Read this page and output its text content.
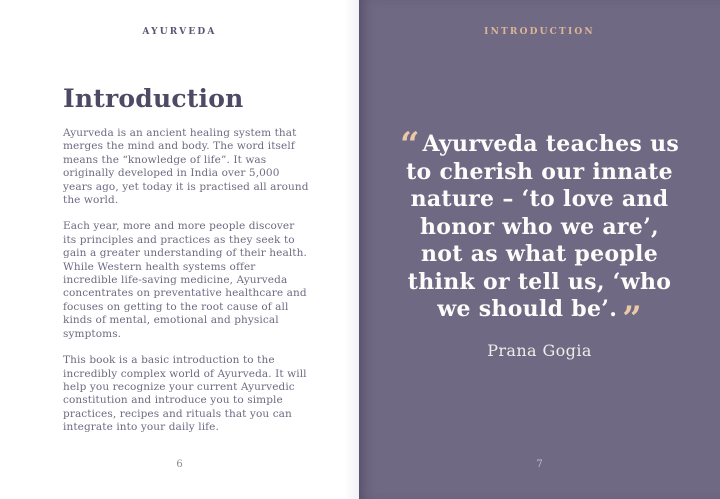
AYURVEDA
Introduction

Ayurveda is an ancient healing system that merges the mind and body. The word itself means the “knowledge of life”. It was originally developed in India over 5,000 years ago, yet today it is practised all around the world.

Each year, more and more people discover its principles and practices as they seek to gain a greater understanding of their health. While Western health systems offer incredible life-saving medicine, Ayurveda concentrates on preventative healthcare and focuses on getting to the root cause of all kinds of mental, emotional and physical symptoms.

This book is a basic introduction to the incredibly complex world of Ayurveda. It will help you recognize your current Ayurvedic constitution and introduce you to simple practices, recipes and rituals that you can integrate into your daily life.

6
INTRODUCTION
“ Ayurveda teaches us
to cherish our innate
nature – ‘to love and
honor who we are’,
not as what people
think or tell us, ‘who
we should be’. ”
Prana Gogia
7
